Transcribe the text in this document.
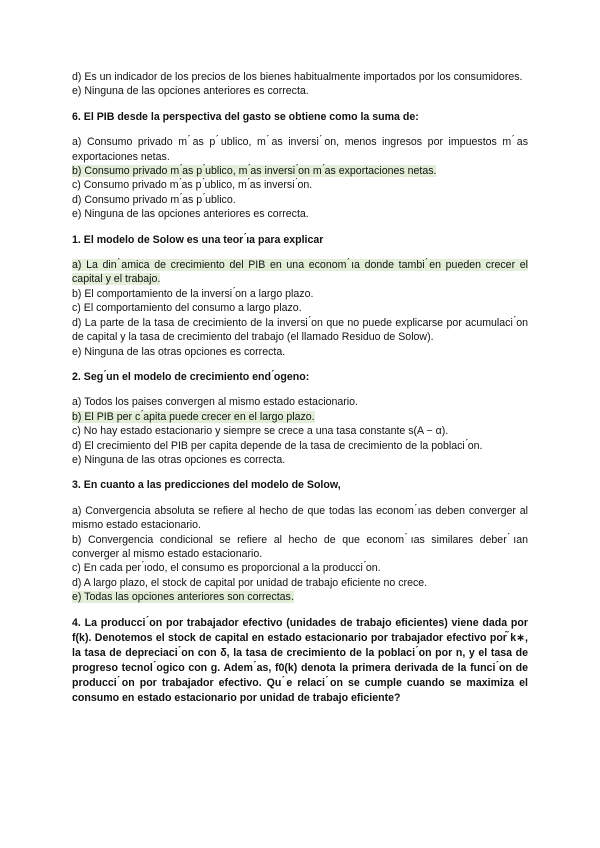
d) Es un indicador de los precios de los bienes habitualmente importados por los consumidores.
e) Ninguna de las opciones anteriores es correcta.
6. El PIB desde la perspectiva del gasto se obtiene como la suma de:
a) Consumo privado m ́as p ́ublico, m ́as inversi ́on, menos ingresos por impuestos m ́as exportaciones netas.
b) Consumo privado m ́as p ́ublico, m ́as inversi ́on m ́as exportaciones netas.
c) Consumo privado m ́as p ́ublico, m ́as inversi ́on.
d) Consumo privado m ́as p ́ublico.
e) Ninguna de las opciones anteriores es correcta.
1. El modelo de Solow es una teor ́ıa para explicar
a) La din ́amica de crecimiento del PIB en una econom ́ıa donde tambi ́en pueden crecer el capital y el trabajo.
b) El comportamiento de la inversi ́on a largo plazo.
c) El comportamiento del consumo a largo plazo.
d) La parte de la tasa de crecimiento de la inversi ́on que no puede explicarse por acumulaci ́on de capital y la tasa de crecimiento del trabajo (el llamado Residuo de Solow).
e) Ninguna de las otras opciones es correcta.
2. Seg ́un el modelo de crecimiento end ́ogeno:
a) Todos los paises convergen al mismo estado estacionario.
b) El PIB per c ́apita puede crecer en el largo plazo.
c) No hay estado estacionario y siempre se crece a una tasa constante s(A − α).
d) El crecimiento del PIB per capita depende de la tasa de crecimiento de la poblaci ́on.
e) Ninguna de las otras opciones es correcta.
3. En cuanto a las predicciones del modelo de Solow,
a) Convergencia absoluta se refiere al hecho de que todas las econom ́ıas deben converger al mismo estado estacionario.
b) Convergencia condicional se refiere al hecho de que econom ́ıas similares deber ́ıan converger al mismo estado estacionario.
c) En cada per ́ıodo, el consumo es proporcional a la producci ́on.
d) A largo plazo, el stock de capital por unidad de trabajo eficiente no crece.
e) Todas las opciones anteriores son correctas.
4. La producci ́on por trabajador efectivo (unidades de trabajo eficientes) viene dada por f(k). Denotemos el stock de capital en estado estacionario por trabajador efectivo por ̃k∗, la tasa de depreciaci ́on con δ, la tasa de crecimiento de la poblaci ́on por n, y el tasa de progreso tecnol ́ogico con g. Adem ́as, f0(k) denota la primera derivada de la funci ́on de producci ́on por trabajador efectivo. Qu ́e relaci ́on se cumple cuando se maximiza el consumo en estado estacionario por unidad de trabajo eficiente?
